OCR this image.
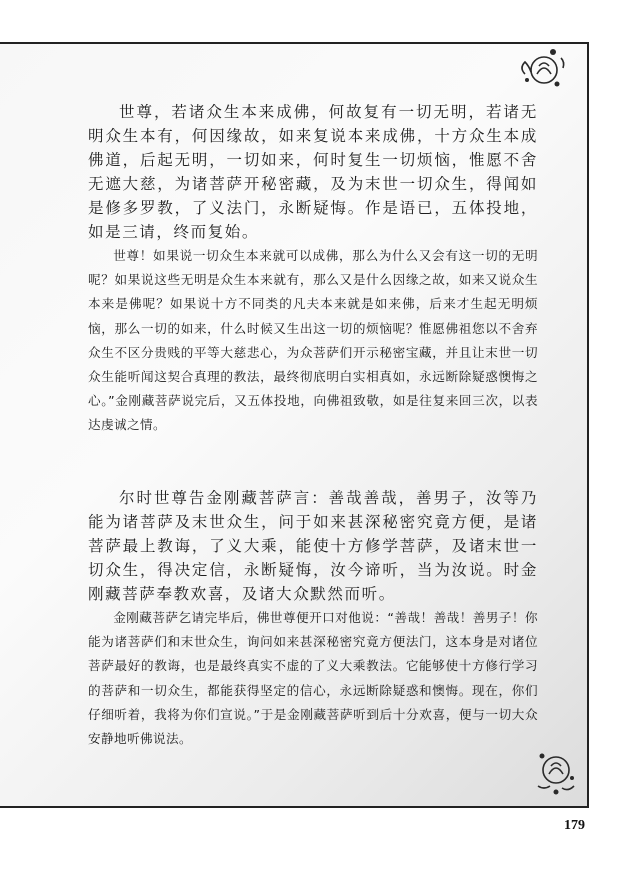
世尊，若诸众生本来成佛，何故复有一切无明，若诸无明众生本有，何因缘故，如来复说本来成佛，十方众生本成佛道，后起无明，一切如来，何时复生一切烦恼，惟愿不舍无遮大慈，为诸菩萨开秘密藏，及为末世一切众生，得闻如是修多罗教，了义法门，永断疑悔。作是语已，五体投地，如是三请，终而复始。

世尊！如果说一切众生本来就可以成佛，那么为什么又会有这一切的无明呢？如果说这些无明是众生本来就有，那么又是什么因缘之故，如来又说众生本来是佛呢？如果说十方不同类的凡夫本来就是如来佛，后来才生起无明烦恼，那么一切的如来，什么时候又生出这一切的烦恼呢？惟愿佛祖您以不舍弃众生不区分贵贱的平等大慈悲心，为众菩萨们开示秘密宝藏，并且让末世一切众生能听闻这契合真理的教法，最终彻底明白实相真如，永远断除疑惑懊悔之心。”金刚藏菩萨说完后，又五体投地，向佛祖致敬，如是往复来回三次，以表达虔诚之情。

尔时世尊告金刚藏菩萨言：善哉善哉，善男子，汝等乃能为诸菩萨及末世众生，问于如来甚深秘密究竟方便，是诸菩萨最上教诲，了义大乘，能使十方修学菩萨，及诸末世一切众生，得决定信，永断疑悔，汝今谛听，当为汝说。时金刚藏菩萨奉教欢喜，及诸大众默然而听。

金刚藏菩萨乞请完毕后，佛世尊便开口对他说：“善哉！善哉！善男子！你能为诸菩萨们和末世众生，询问如来甚深秘密究竟方便法门，这本身是对诸位菩萨最好的教诲，也是最终真实不虚的了义大乘教法。它能够使十方修行学习的菩萨和一切众生，都能获得坚定的信心，永远断除疑惑和懊悔。现在，你们仔细听着，我将为你们宣说。”于是金刚藏菩萨听到后十分欢喜，便与一切大众安静地听佛说法。

179
